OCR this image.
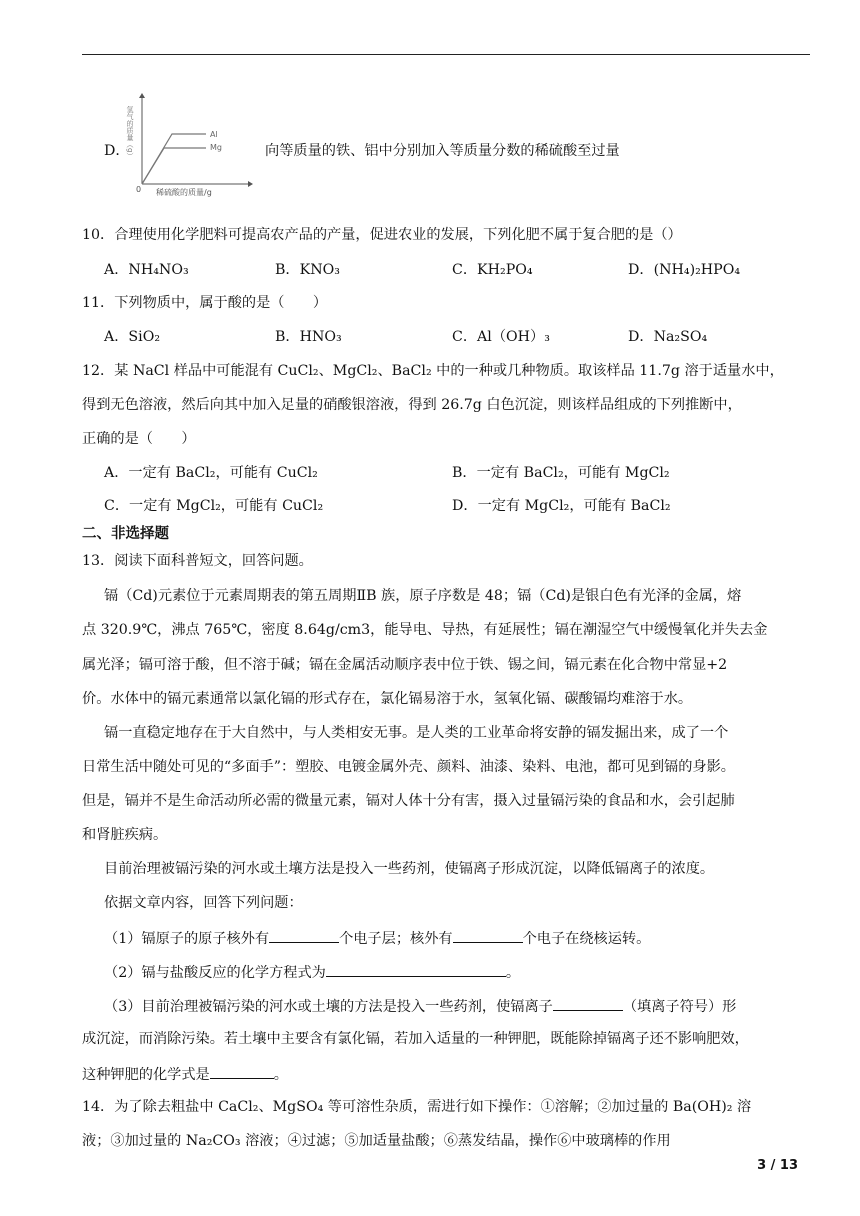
D．
氢气的质量（g）
0 稀硫酸的质量/g
Al
Mg	向等质量的铁、铝中分别加入等质量分数的稀硫酸至过量
10．合理使用化学肥料可提高农产品的产量，促进农业的发展，下列化肥不属于复合肥的是（）
A．NH₄NO₃	B．KNO₃	C．KH₂PO₄	D．(NH₄)₂HPO₄
11．下列物质中，属于酸的是（　　）
A．SiO₂	B．HNO₃	C．Al（OH）₃	D．Na₂SO₄
12．某 NaCl 样品中可能混有 CuCl₂、MgCl₂、BaCl₂ 中的一种或几种物质。取该样品 11.7g 溶于适量水中，
得到无色溶液，然后向其中加入足量的硝酸银溶液，得到 26.7g 白色沉淀，则该样品组成的下列推断中，
正确的是（　　）
A．一定有 BaCl₂，可能有 CuCl₂	B．一定有 BaCl₂，可能有 MgCl₂
C．一定有 MgCl₂，可能有 CuCl₂	D．一定有 MgCl₂，可能有 BaCl₂
二、非选择题
13．阅读下面科普短文，回答问题。
镉（Cd)元素位于元素周期表的第五周期ⅡB 族，原子序数是 48；镉（Cd)是银白色有光泽的金属，熔
点 320.9℃，沸点 765℃，密度 8.64g/cm3，能导电、导热，有延展性；镉在潮湿空气中缓慢氧化并失去金
属光泽；镉可溶于酸，但不溶于碱；镉在金属活动顺序表中位于铁、锡之间，镉元素在化合物中常显+2
价。水体中的镉元素通常以氯化镉的形式存在，氯化镉易溶于水，氢氧化镉、碳酸镉均难溶于水。
镉一直稳定地存在于大自然中，与人类相安无事。是人类的工业革命将安静的镉发掘出来，成了一个
日常生活中随处可见的“多面手”：塑胶、电镀金属外壳、颜料、油漆、染料、电池，都可见到镉的身影。
但是，镉并不是生命活动所必需的微量元素，镉对人体十分有害，摄入过量镉污染的食品和水，会引起肺
和肾脏疾病。
目前治理被镉污染的河水或土壤方法是投入一些药剂，使镉离子形成沉淀，以降低镉离子的浓度。
依据文章内容，回答下列问题：
（1）镉原子的原子核外有	个电子层；核外有	个电子在绕核运转。
（2）镉与盐酸反应的化学方程式为	。
（3）目前治理被镉污染的河水或土壤的方法是投入一些药剂，使镉离子	（填离子符号）形
成沉淀，而消除污染。若土壤中主要含有氯化镉，若加入适量的一种钾肥，既能除掉镉离子还不影响肥效，
这种钾肥的化学式是	。
14．为了除去粗盐中 CaCl₂、MgSO₄ 等可溶性杂质，需进行如下操作：①溶解；②加过量的 Ba(OH)₂ 溶
液；③加过量的 Na₂CO₃ 溶液；④过滤；⑤加适量盐酸；⑥蒸发结晶，操作⑥中玻璃棒的作用
3 / 13
